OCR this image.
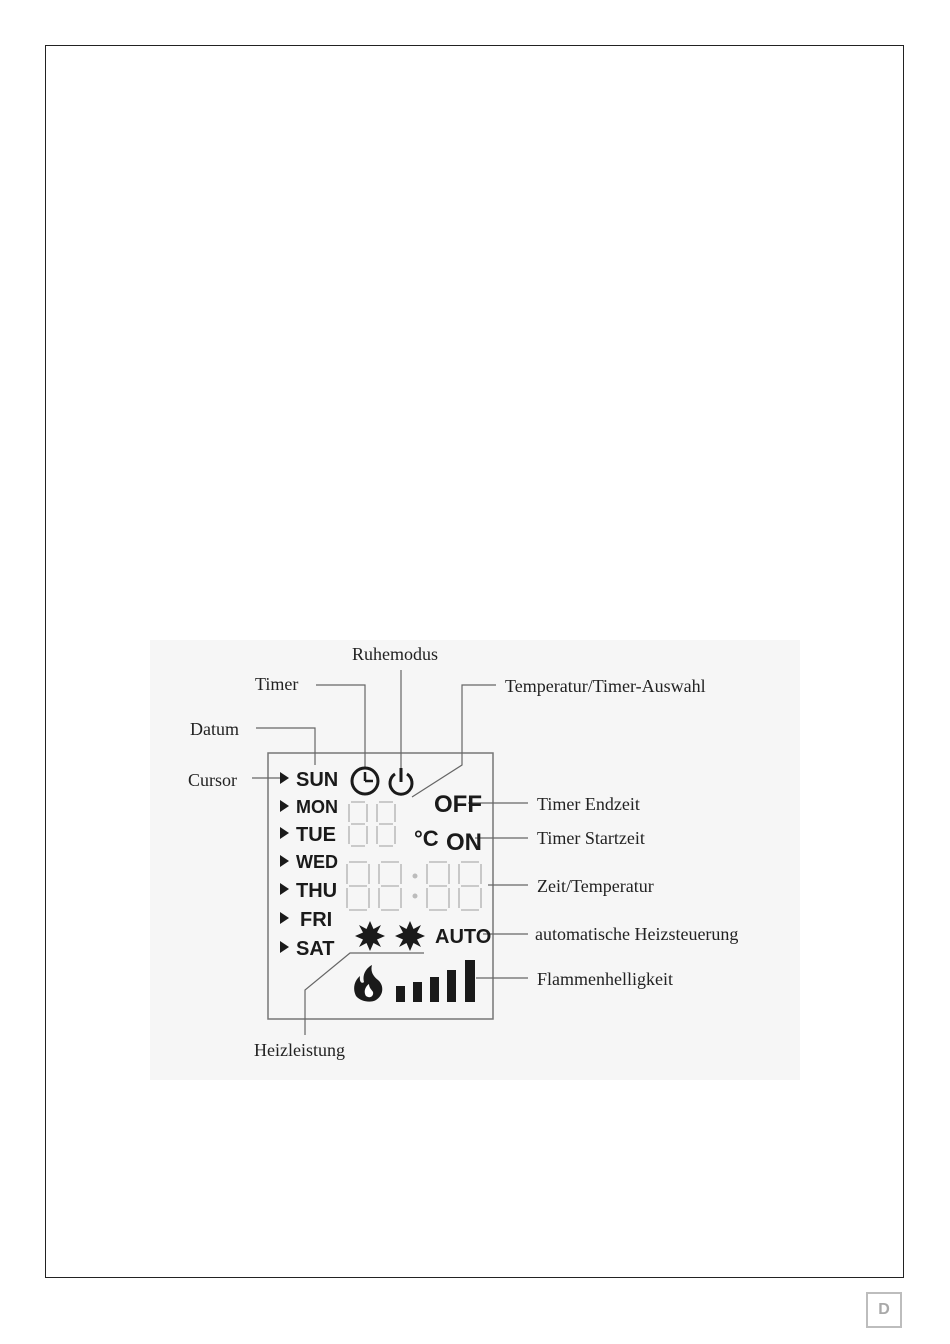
Ruhemodus
Timer	Temperatur/Timer-Auswahl
Datum
Cursor
Timer Endzeit
Timer Startzeit
Zeit/Temperatur
automatische Heizsteuerung
Flammenhelligkeit
Heizleistung
SUN
MON
TUE
WED
THU
FRI
SAT
°C
OFF
ON
AUTO
D
